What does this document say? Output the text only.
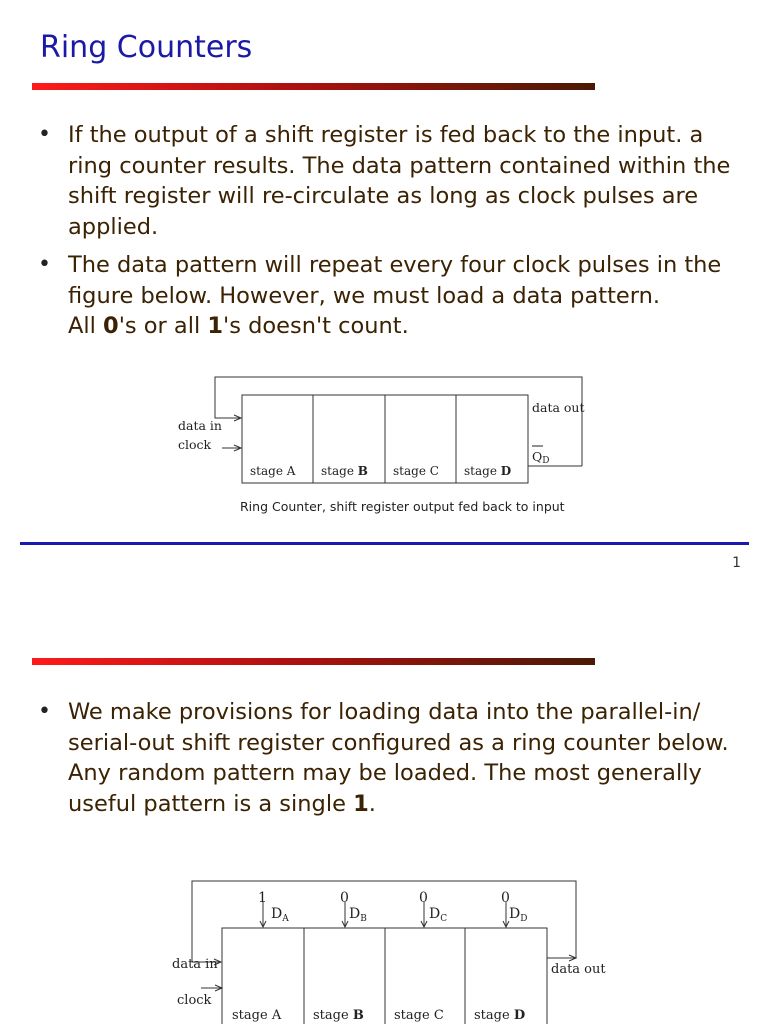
Ring Counters
• If the output of a shift register is fed back to the input. a ring counter results. The data pattern contained within the shift register will re-circulate as long as clock pulses are applied.
• The data pattern will repeat every four clock pulses in the figure below. However, we must load a data pattern.
All 0's or all 1's doesn't count.
data in
clock
data out
QD
stage A stage B stage C stage D
Ring Counter, shift register output fed back to input
1
• We make provisions for loading data into the parallel-in/ serial-out shift register configured as a ring counter below. Any random pattern may be loaded. The most generally useful pattern is a single 1.
1	0	0	0
$D_A$	$D_B$	$D_C$	$D_D$
data in
clock
data out
stage A stage B stage C stage D
